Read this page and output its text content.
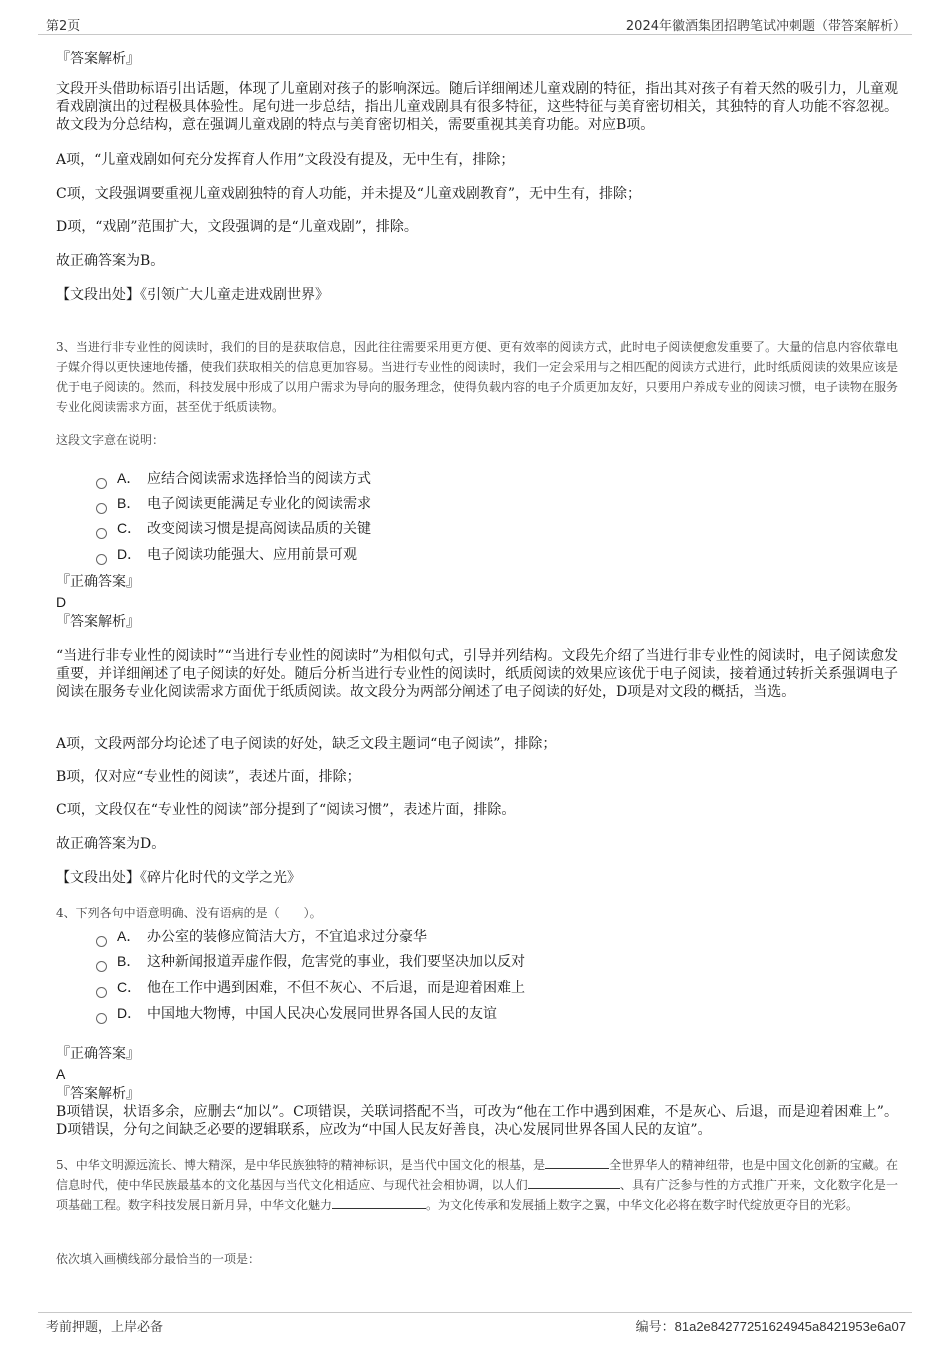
第2页	2024年徽酒集团招聘笔试冲刺题（带答案解析）
『答案解析』

文段开头借助标语引出话题，体现了儿童剧对孩子的影响深远。随后详细阐述儿童戏剧的特征，指出其对孩子有着天然的吸引力，儿童观看戏剧演出的过程极具体验性。尾句进一步总结，指出儿童戏剧具有很多特征，这些特征与美育密切相关，其独特的育人功能不容忽视。故文段为分总结构，意在强调儿童戏剧的特点与美育密切相关，需要重视其美育功能。对应B项。

A项，“儿童戏剧如何充分发挥育人作用”文段没有提及，无中生有，排除；
C项，文段强调要重视儿童戏剧独特的育人功能，并未提及“儿童戏剧教育”，无中生有，排除；
D项，“戏剧”范围扩大，文段强调的是“儿童戏剧”，排除。
故正确答案为B。
【文段出处】《引领广大儿童走进戏剧世界》

3、当进行非专业性的阅读时，我们的目的是获取信息，因此往往需要采用更方便、更有效率的阅读方式，此时电子阅读便愈发重要了。大量的信息内容依靠电子媒介得以更快速地传播，使我们获取相关的信息更加容易。当进行专业性的阅读时，我们一定会采用与之相匹配的阅读方式进行，此时纸质阅读的效果应该是优于电子阅读的。然而，科技发展中形成了以用户需求为导向的服务理念，使得负载内容的电子介质更加友好，只要用户养成专业的阅读习惯，电子读物在服务专业化阅读需求方面，甚至优于纸质读物。

这段文字意在说明：
A． 应结合阅读需求选择恰当的阅读方式
B． 电子阅读更能满足专业化的阅读需求
C． 改变阅读习惯是提高阅读品质的关键
D． 电子阅读功能强大、应用前景可观
『正确答案』
D
『答案解析』

“当进行非专业性的阅读时”“当进行专业性的阅读时”为相似句式，引导并列结构。文段先介绍了当进行非专业性的阅读时，电子阅读愈发重要，并详细阐述了电子阅读的好处。随后分析当进行专业性的阅读时，纸质阅读的效果应该优于电子阅读，接着通过转折关系强调电子阅读在服务专业化阅读需求方面优于纸质阅读。故文段分为两部分阐述了电子阅读的好处，D项是对文段的概括，当选。

A项，文段两部分均论述了电子阅读的好处，缺乏文段主题词“电子阅读”，排除；
B项，仅对应“专业性的阅读”，表述片面，排除；
C项，文段仅在“专业性的阅读”部分提到了“阅读习惯”，表述片面，排除。
故正确答案为D。
【文段出处】《碎片化时代的文学之光》
4、下列各句中语意明确、没有语病的是（　　）。
A． 办公室的装修应简洁大方，不宜追求过分豪华
B． 这种新闻报道弄虚作假，危害党的事业，我们要坚决加以反对
C． 他在工作中遇到困难，不但不灰心、不后退，而是迎着困难上
D． 中国地大物博，中国人民决心发展同世界各国人民的友谊
『正确答案』
A
『答案解析』

B项错误，状语多余，应删去“加以”。C项错误，关联词搭配不当，可改为“他在工作中遇到困难，不是灰心、后退，而是迎着困难上”。D项错误，分句之间缺乏必要的逻辑联系，应改为“中国人民友好善良，决心发展同世界各国人民的友谊”。

5、中华文明源远流长、博大精深，是中华民族独特的精神标识，是当代中国文化的根基，是	全世界华人的精神纽带，也是中国文化创新的宝藏。在信息时代，使中华民族最基本的文化基因与当代文化相适应、与现代社会相协调，以人们	、具有广泛参与性的方式推广开来，文化数字化是一项基础工程。数字科技发展日新月异，中华文化魅力	。为文化传承和发展插上数字之翼，中华文化必将在数字时代绽放更夺目的光彩。

依次填入画横线部分最恰当的一项是：
考前押题，上岸必备	编号：81a2e84277251624945a8421953e6a07
